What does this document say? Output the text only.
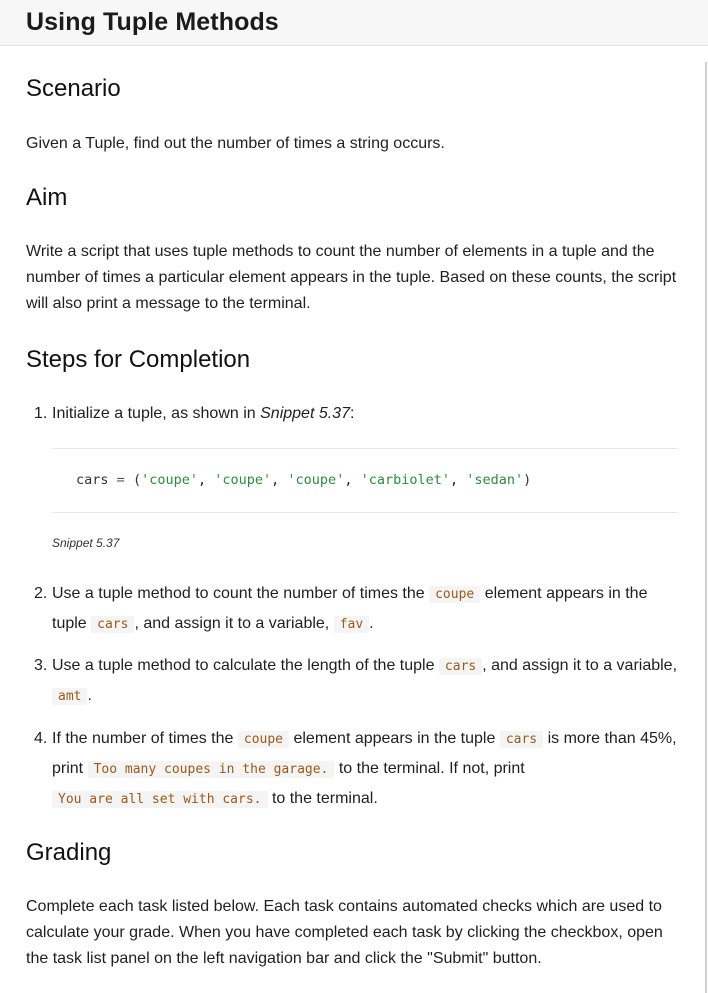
Using Tuple Methods
Scenario
Given a Tuple, find out the number of times a string occurs.
Aim
Write a script that uses tuple methods to count the number of elements in a tuple and the number of times a particular element appears in the tuple. Based on these counts, the script will also print a message to the terminal.
Steps for Completion
1. Initialize a tuple, as shown in Snippet 5.37:
2. Use a tuple method to count the number of times the coupe element appears in the tuple cars , and assign it to a variable, fav .
3. Use a tuple method to calculate the length of the tuple cars , and assign it to a variable, amt .
4. If the number of times the coupe element appears in the tuple cars is more than 45%, print Too many coupes in the garage. to the terminal. If not, print
You are all set with cars. to the terminal.
cars = ('coupe', 'coupe', 'coupe', 'carbiolet', 'sedan')
Snippet 5.37
Grading
Complete each task listed below. Each task contains automated checks which are used to calculate your grade. When you have completed each task by clicking the checkbox, open the task list panel on the left navigation bar and click the "Submit" button.
